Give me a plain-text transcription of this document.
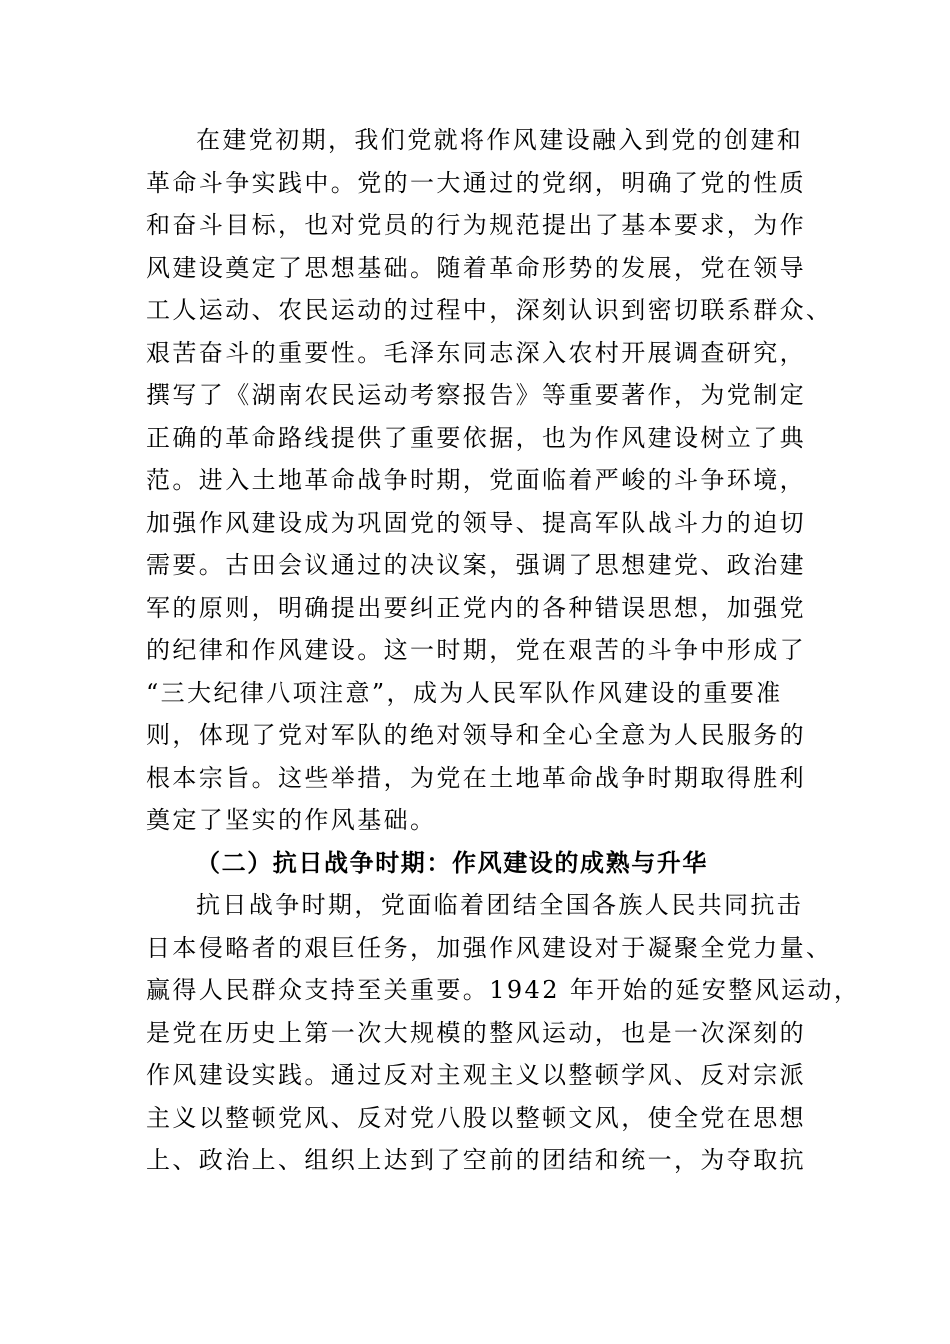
在建党初期，我们党就将作风建设融入到党的创建和
革命斗争实践中。党的一大通过的党纲，明确了党的性质
和奋斗目标，也对党员的行为规范提出了基本要求，为作
风建设奠定了思想基础。随着革命形势的发展，党在领导
工人运动、农民运动的过程中，深刻认识到密切联系群众、
艰苦奋斗的重要性。毛泽东同志深入农村开展调查研究，
撰写了《湖南农民运动考察报告》等重要著作，为党制定
正确的革命路线提供了重要依据，也为作风建设树立了典
范。进入土地革命战争时期，党面临着严峻的斗争环境，
加强作风建设成为巩固党的领导、提高军队战斗力的迫切
需要。古田会议通过的决议案，强调了思想建党、政治建
军的原则，明确提出要纠正党内的各种错误思想，加强党
的纪律和作风建设。这一时期，党在艰苦的斗争中形成了
“三大纪律八项注意”，成为人民军队作风建设的重要准
则，体现了党对军队的绝对领导和全心全意为人民服务的
根本宗旨。这些举措，为党在土地革命战争时期取得胜利
奠定了坚实的作风基础。
（二）抗日战争时期：作风建设的成熟与升华
抗日战争时期，党面临着团结全国各族人民共同抗击
日本侵略者的艰巨任务，加强作风建设对于凝聚全党力量、
赢得人民群众支持至关重要。1942 年开始的延安整风运动，
是党在历史上第一次大规模的整风运动，也是一次深刻的
作风建设实践。通过反对主观主义以整顿学风、反对宗派
主义以整顿党风、反对党八股以整顿文风，使全党在思想
上、政治上、组织上达到了空前的团结和统一，为夺取抗
